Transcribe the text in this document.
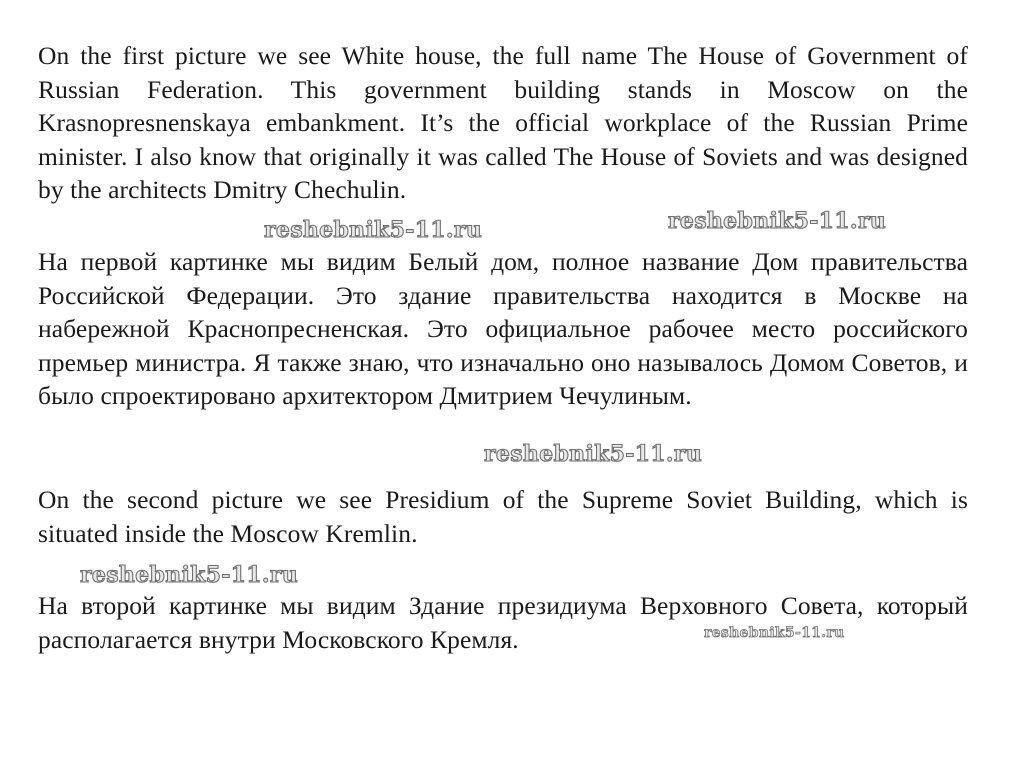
On the first picture we see White house, the full name The House of Government of Russian Federation. This government building stands in Moscow on the Krasnopresnenskaya embankment. It’s the official workplace of the Russian Prime minister. I also know that originally it was called The House of Soviets and was designed by the architects Dmitry Chechulin.

На первой картинке мы видим Белый дом, полное название Дом правительства Российской Федерации. Это здание правительства находится в Москве на набережной Краснопресненская. Это официальное рабочее место российского премьер министра. Я также знаю, что изначально оно называлось Домом Советов, и было спроектировано архитектором Дмитрием Чечулиным.

On the second picture we see Presidium of the Supreme Soviet Building, which is situated inside the Moscow Kremlin.

На второй картинке мы видим Здание президиума Верховного Совета, который располагается внутри Московского Кремля.

reshebnik5-11.ru	reshebnik5-11.ru
reshebnik5-11.ru
reshebnik5-11.ru
reshebnik5-11.ru
